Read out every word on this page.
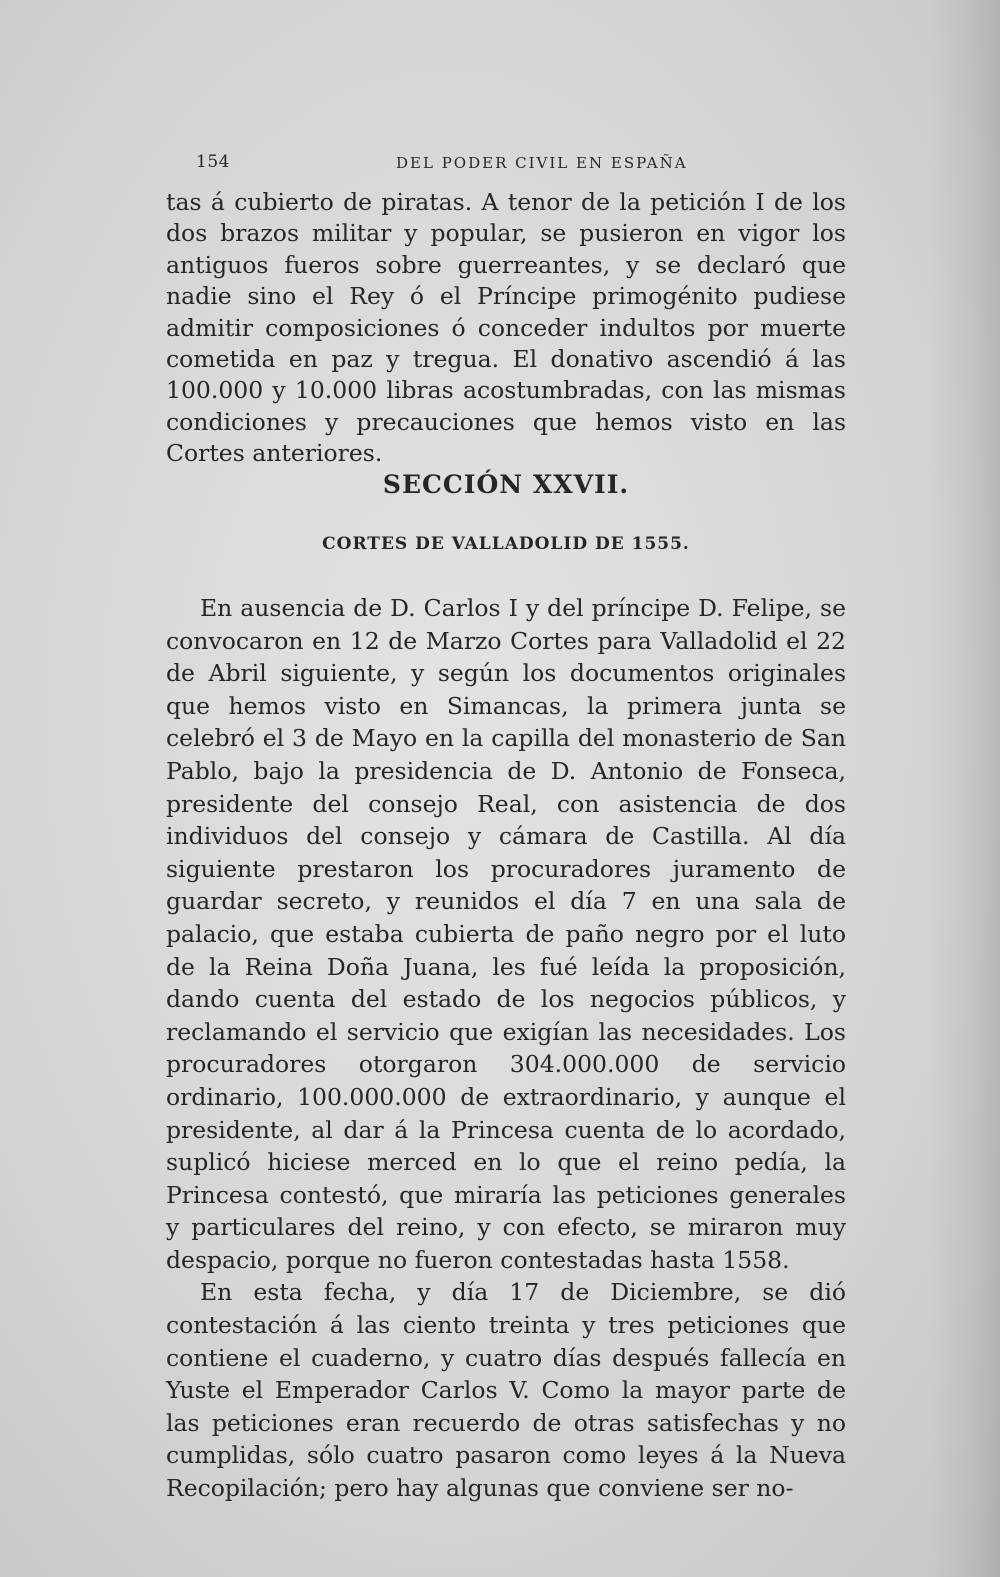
154	DEL PODER CIVIL EN ESPAÑA

tas á cubierto de piratas. A tenor de la petición I de los dos brazos militar y popular, se pusieron en vigor los antiguos fueros sobre guerreantes, y se declaró que nadie sino el Rey ó el Príncipe primogénito pudiese admitir composiciones ó conceder indultos por muerte cometida en paz y tregua. El donativo ascendió á las 100.000 y 10.000 libras acostumbradas, con las mismas condiciones y precauciones que hemos visto en las Cortes anteriores.

SECCIÓN XXVII.
CORTES DE VALLADOLID DE 1555.

En ausencia de D. Carlos I y del príncipe D. Felipe, se convocaron en 12 de Marzo Cortes para Valladolid el 22 de Abril siguiente, y según los documentos originales que hemos visto en Simancas, la primera junta se celebró el 3 de Mayo en la capilla del monasterio de San Pablo, bajo la presidencia de D. Antonio de Fonseca, presidente del consejo Real, con asistencia de dos individuos del consejo y cámara de Castilla. Al día siguiente prestaron los procuradores juramento de guardar secreto, y reunidos el día 7 en una sala de palacio, que estaba cubierta de paño negro por el luto de la Reina Doña Juana, les fué leída la proposición, dando cuenta del estado de los negocios públicos, y reclamando el servicio que exigían las necesidades. Los procuradores otorgaron 304.000.000 de servicio ordinario, 100.000.000 de extraordinario, y aunque el presidente, al dar á la Princesa cuenta de lo acordado, suplicó hiciese merced en lo que el reino pedía, la Princesa contestó, que miraría las peticiones generales y particulares del reino, y con efecto, se miraron muy despacio, porque no fueron contestadas hasta 1558.

En esta fecha, y día 17 de Diciembre, se dió contestación á las ciento treinta y tres peticiones que contiene el cuaderno, y cuatro días después fallecía en Yuste el Emperador Carlos V. Como la mayor parte de las peticiones eran recuerdo de otras satisfechas y no cumplidas, sólo cuatro pasaron como leyes á la Nueva Recopilación; pero hay algunas que conviene ser no-
